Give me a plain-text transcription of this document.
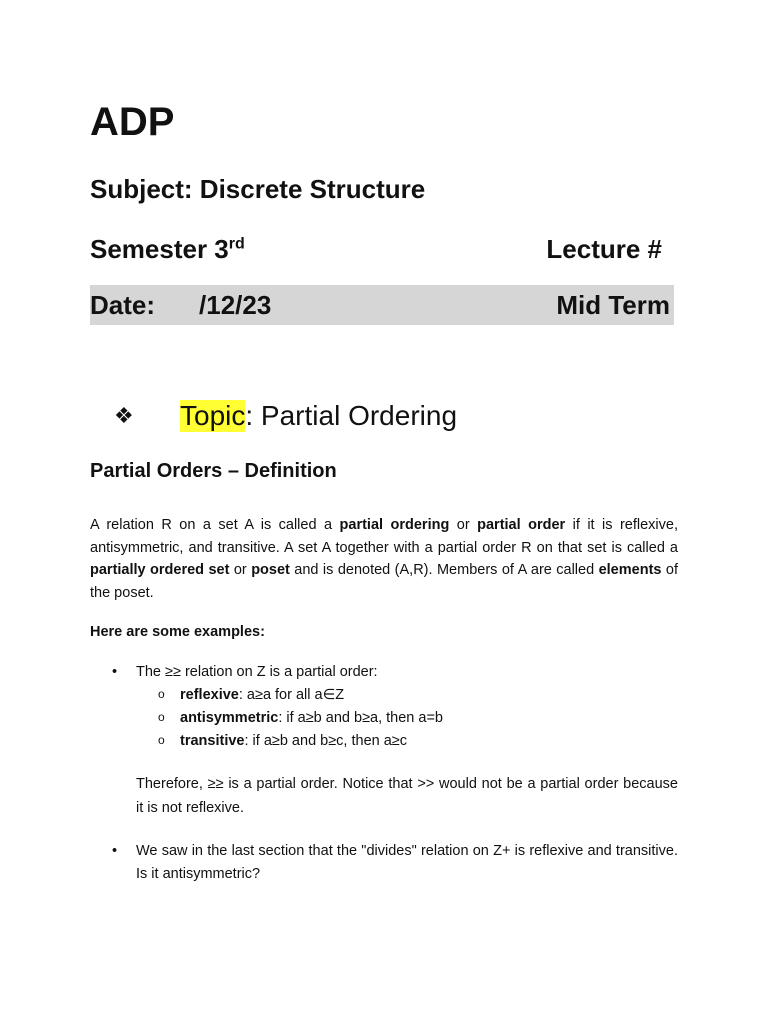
ADP
Subject: Discrete Structure
Semester 3rd	Lecture #
Date: /12/23	Mid Term
❖	Topic : Partial Ordering
Partial Orders – Definition

A relation R on a set A is called a partial ordering or partial order if it is reflexive, antisymmetric, and transitive. A set A together with a partial order R on that set is called a partially ordered set or poset and is denoted (A,R). Members of A are called elements of the poset.

Here are some examples:
• The ≥≥ relation on Z is a partial order:
o reflexive: a≥a for all a∈Z
o antisymmetric: if a≥b and b≥a, then a=b
o transitive: if a≥b and b≥c, then a≥c

Therefore, ≥≥ is a partial order. Notice that >> would not be a partial order because it is not reflexive.

• We saw in the last section that the "divides" relation on Z+ is reflexive and transitive. Is it antisymmetric?
